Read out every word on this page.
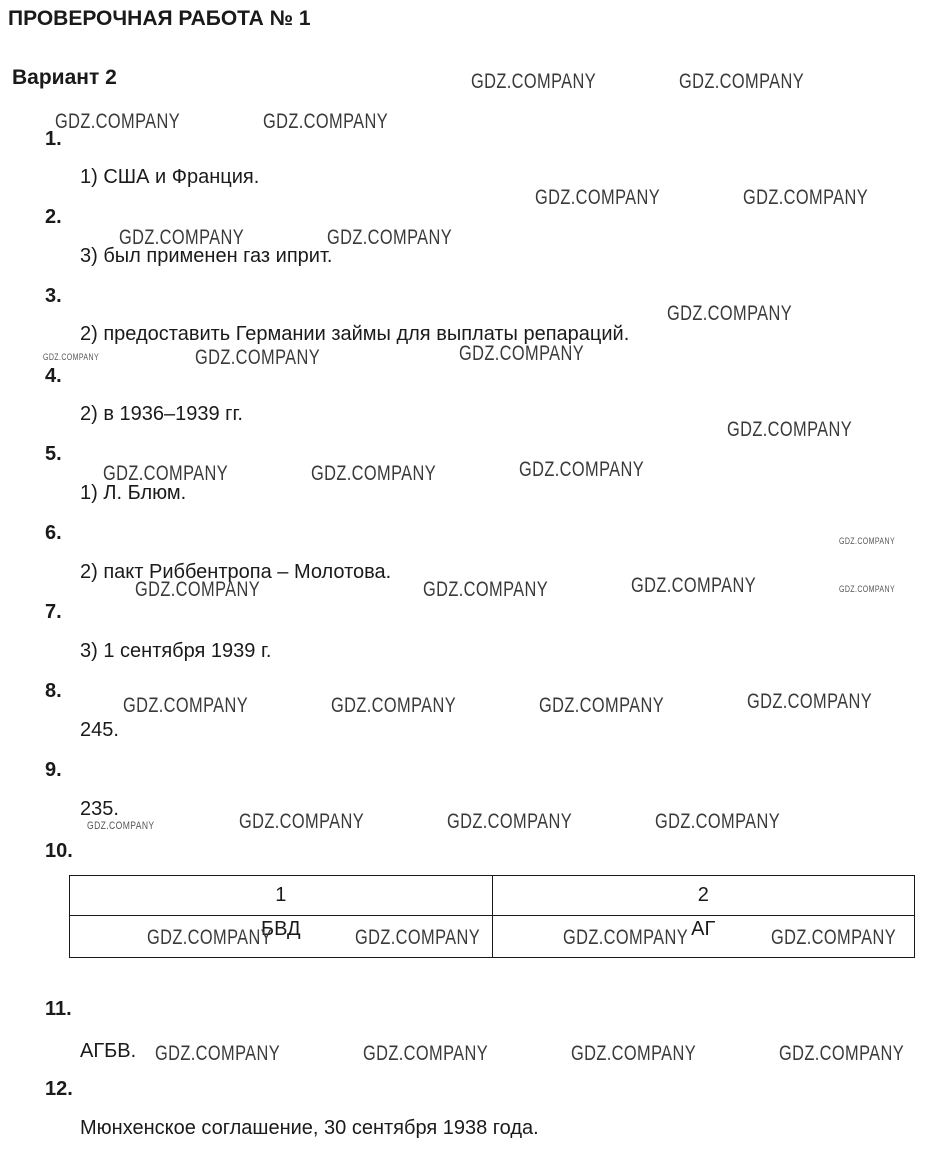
ПРОВЕРОЧНАЯ РАБОТА № 1
Вариант 2
1.
1) США и Франция.
2.
3) был применен газ иприт.
3.
2) предоставить Германии займы для выплаты репараций.
4.
2) в 1936–1939 гг.
5.
1) Л. Блюм.
6.
2) пакт Риббентропа – Молотова.
7.
3) 1 сентября 1939 г.
8.
245.
9.
235.
10.
1	2
БВД	АГ
11.
АГБВ.
12.
Мюнхенское соглашение, 30 сентября 1938 года.
GDZ.COMPANY	GDZ.COMPANY
GDZ.COMPANY	GDZ.COMPANY
GDZ.COMPANY	GDZ.COMPANY
GDZ.COMPANY	GDZ.COMPANY
GDZ.COMPANY
GDZ.COMPANY	GDZ.COMPANY	GDZ.COMPANY
GDZ.COMPANY
GDZ.COMPANY	GDZ.COMPANY	GDZ.COMPANY
GDZ.COMPANY
GDZ.COMPANY	GDZ.COMPANY	GDZ.COMPANY	GDZ.COMPANY
GDZ.COMPANY	GDZ.COMPANY	GDZ.COMPANY	GDZ.COMPANY
GDZ.COMPANY	GDZ.COMPANY	GDZ.COMPANY	GDZ.COMPANY
GDZ.COMPANY	GDZ.COMPANY	GDZ.COMPANY	GDZ.COMPANY
GDZ.COMPANY	GDZ.COMPANY	GDZ.COMPANY	GDZ.COMPANY
